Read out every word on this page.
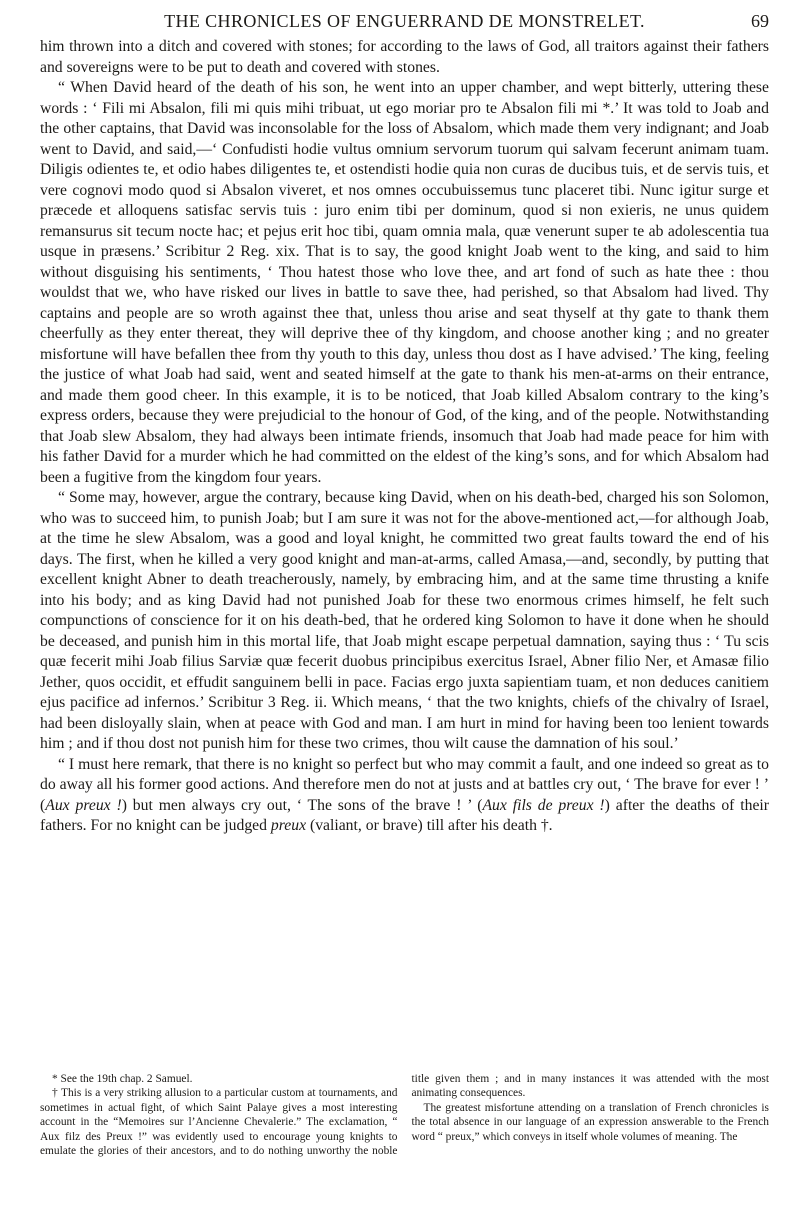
THE CHRONICLES OF ENGUERRAND DE MONSTRELET.	69

him thrown into a ditch and covered with stones; for according to the laws of God, all traitors against their fathers and sovereigns were to be put to death and covered with stones.

“ When David heard of the death of his son, he went into an upper chamber, and wept bitterly, uttering these words : ‘ Fili mi Absalon, fili mi quis mihi tribuat, ut ego moriar pro te Absalon fili mi *.’ It was told to Joab and the other captains, that David was inconsolable for the loss of Absalom, which made them very indignant; and Joab went to David, and said,—‘ Confudisti hodie vultus omnium servorum tuorum qui salvam fecerunt animam tuam. Diligis odientes te, et odio habes diligentes te, et ostendisti hodie quia non curas de ducibus tuis, et de servis tuis, et vere cognovi modo quod si Absalon viveret, et nos omnes occubuissemus tunc placeret tibi. Nunc igitur surge et præcede et alloquens satisfac servis tuis : juro enim tibi per dominum, quod si non exieris, ne unus quidem remansurus sit tecum nocte hac; et pejus erit hoc tibi, quam omnia mala, quæ venerunt super te ab adolescentia tua usque in præsens.’ Scribitur 2 Reg. xix. That is to say, the good knight Joab went to the king, and said to him without disguising his sentiments, ‘ Thou hatest those who love thee, and art fond of such as hate thee : thou wouldst that we, who have risked our lives in battle to save thee, had perished, so that Absalom had lived. Thy captains and people are so wroth against thee that, unless thou arise and seat thyself at thy gate to thank them cheerfully as they enter thereat, they will deprive thee of thy kingdom, and choose another king ; and no greater misfortune will have befallen thee from thy youth to this day, unless thou dost as I have advised.’ The king, feeling the justice of what Joab had said, went and seated himself at the gate to thank his men-at-arms on their entrance, and made them good cheer. In this example, it is to be noticed, that Joab killed Absalom contrary to the king’s express orders, because they were prejudicial to the honour of God, of the king, and of the people. Notwithstanding that Joab slew Absalom, they had always been intimate friends, insomuch that Joab had made peace for him with his father David for a murder which he had committed on the eldest of the king’s sons, and for which Absalom had been a fugitive from the kingdom four years.

“ Some may, however, argue the contrary, because king David, when on his death-bed, charged his son Solomon, who was to succeed him, to punish Joab; but I am sure it was not for the above-mentioned act,—for although Joab, at the time he slew Absalom, was a good and loyal knight, he committed two great faults toward the end of his days. The first, when he killed a very good knight and man-at-arms, called Amasa,—and, secondly, by putting that excellent knight Abner to death treacherously, namely, by embracing him, and at the same time thrusting a knife into his body; and as king David had not punished Joab for these two enormous crimes himself, he felt such compunctions of conscience for it on his death-bed, that he ordered king Solomon to have it done when he should be deceased, and punish him in this mortal life, that Joab might escape perpetual damnation, saying thus : ‘ Tu scis quæ fecerit mihi Joab filius Sarviæ quæ fecerit duobus principibus exercitus Israel, Abner filio Ner, et Amasæ filio Jether, quos occidit, et effudit sanguinem belli in pace. Facias ergo juxta sapientiam tuam, et non deduces canitiem ejus pacifice ad infernos.’ Scribitur 3 Reg. ii. Which means, ‘ that the two knights, chiefs of the chivalry of Israel, had been disloyally slain, when at peace with God and man. I am hurt in mind for having been too lenient towards him ; and if thou dost not punish him for these two crimes, thou wilt cause the damnation of his soul.’

“ I must here remark, that there is no knight so perfect but who may commit a fault, and one indeed so great as to do away all his former good actions. And therefore men do not at justs and at battles cry out, ‘ The brave for ever ! ’ (Aux preux !) but men always cry out, ‘ The sons of the brave ! ’ (Aux fils de preux !) after the deaths of their fathers. For no knight can be judged preux (valiant, or brave) till after his death †.

* See the 19th chap. 2 Samuel.

† This is a very striking allusion to a particular custom at tournaments, and sometimes in actual fight, of which Saint Palaye gives a most interesting account in the “Memoires sur l’Ancienne Chevalerie.” The exclamation, “ Aux filz des Preux !” was evidently used to encourage young knights to emulate the glories of their ancestors, and to do nothing unworthy the noble title given them ; and in many instances it was attended with the most animating consequences.

The greatest misfortune attending on a translation of French chronicles is the total absence in our language of an expression answerable to the French word “ preux,” which conveys in itself whole volumes of meaning. The
